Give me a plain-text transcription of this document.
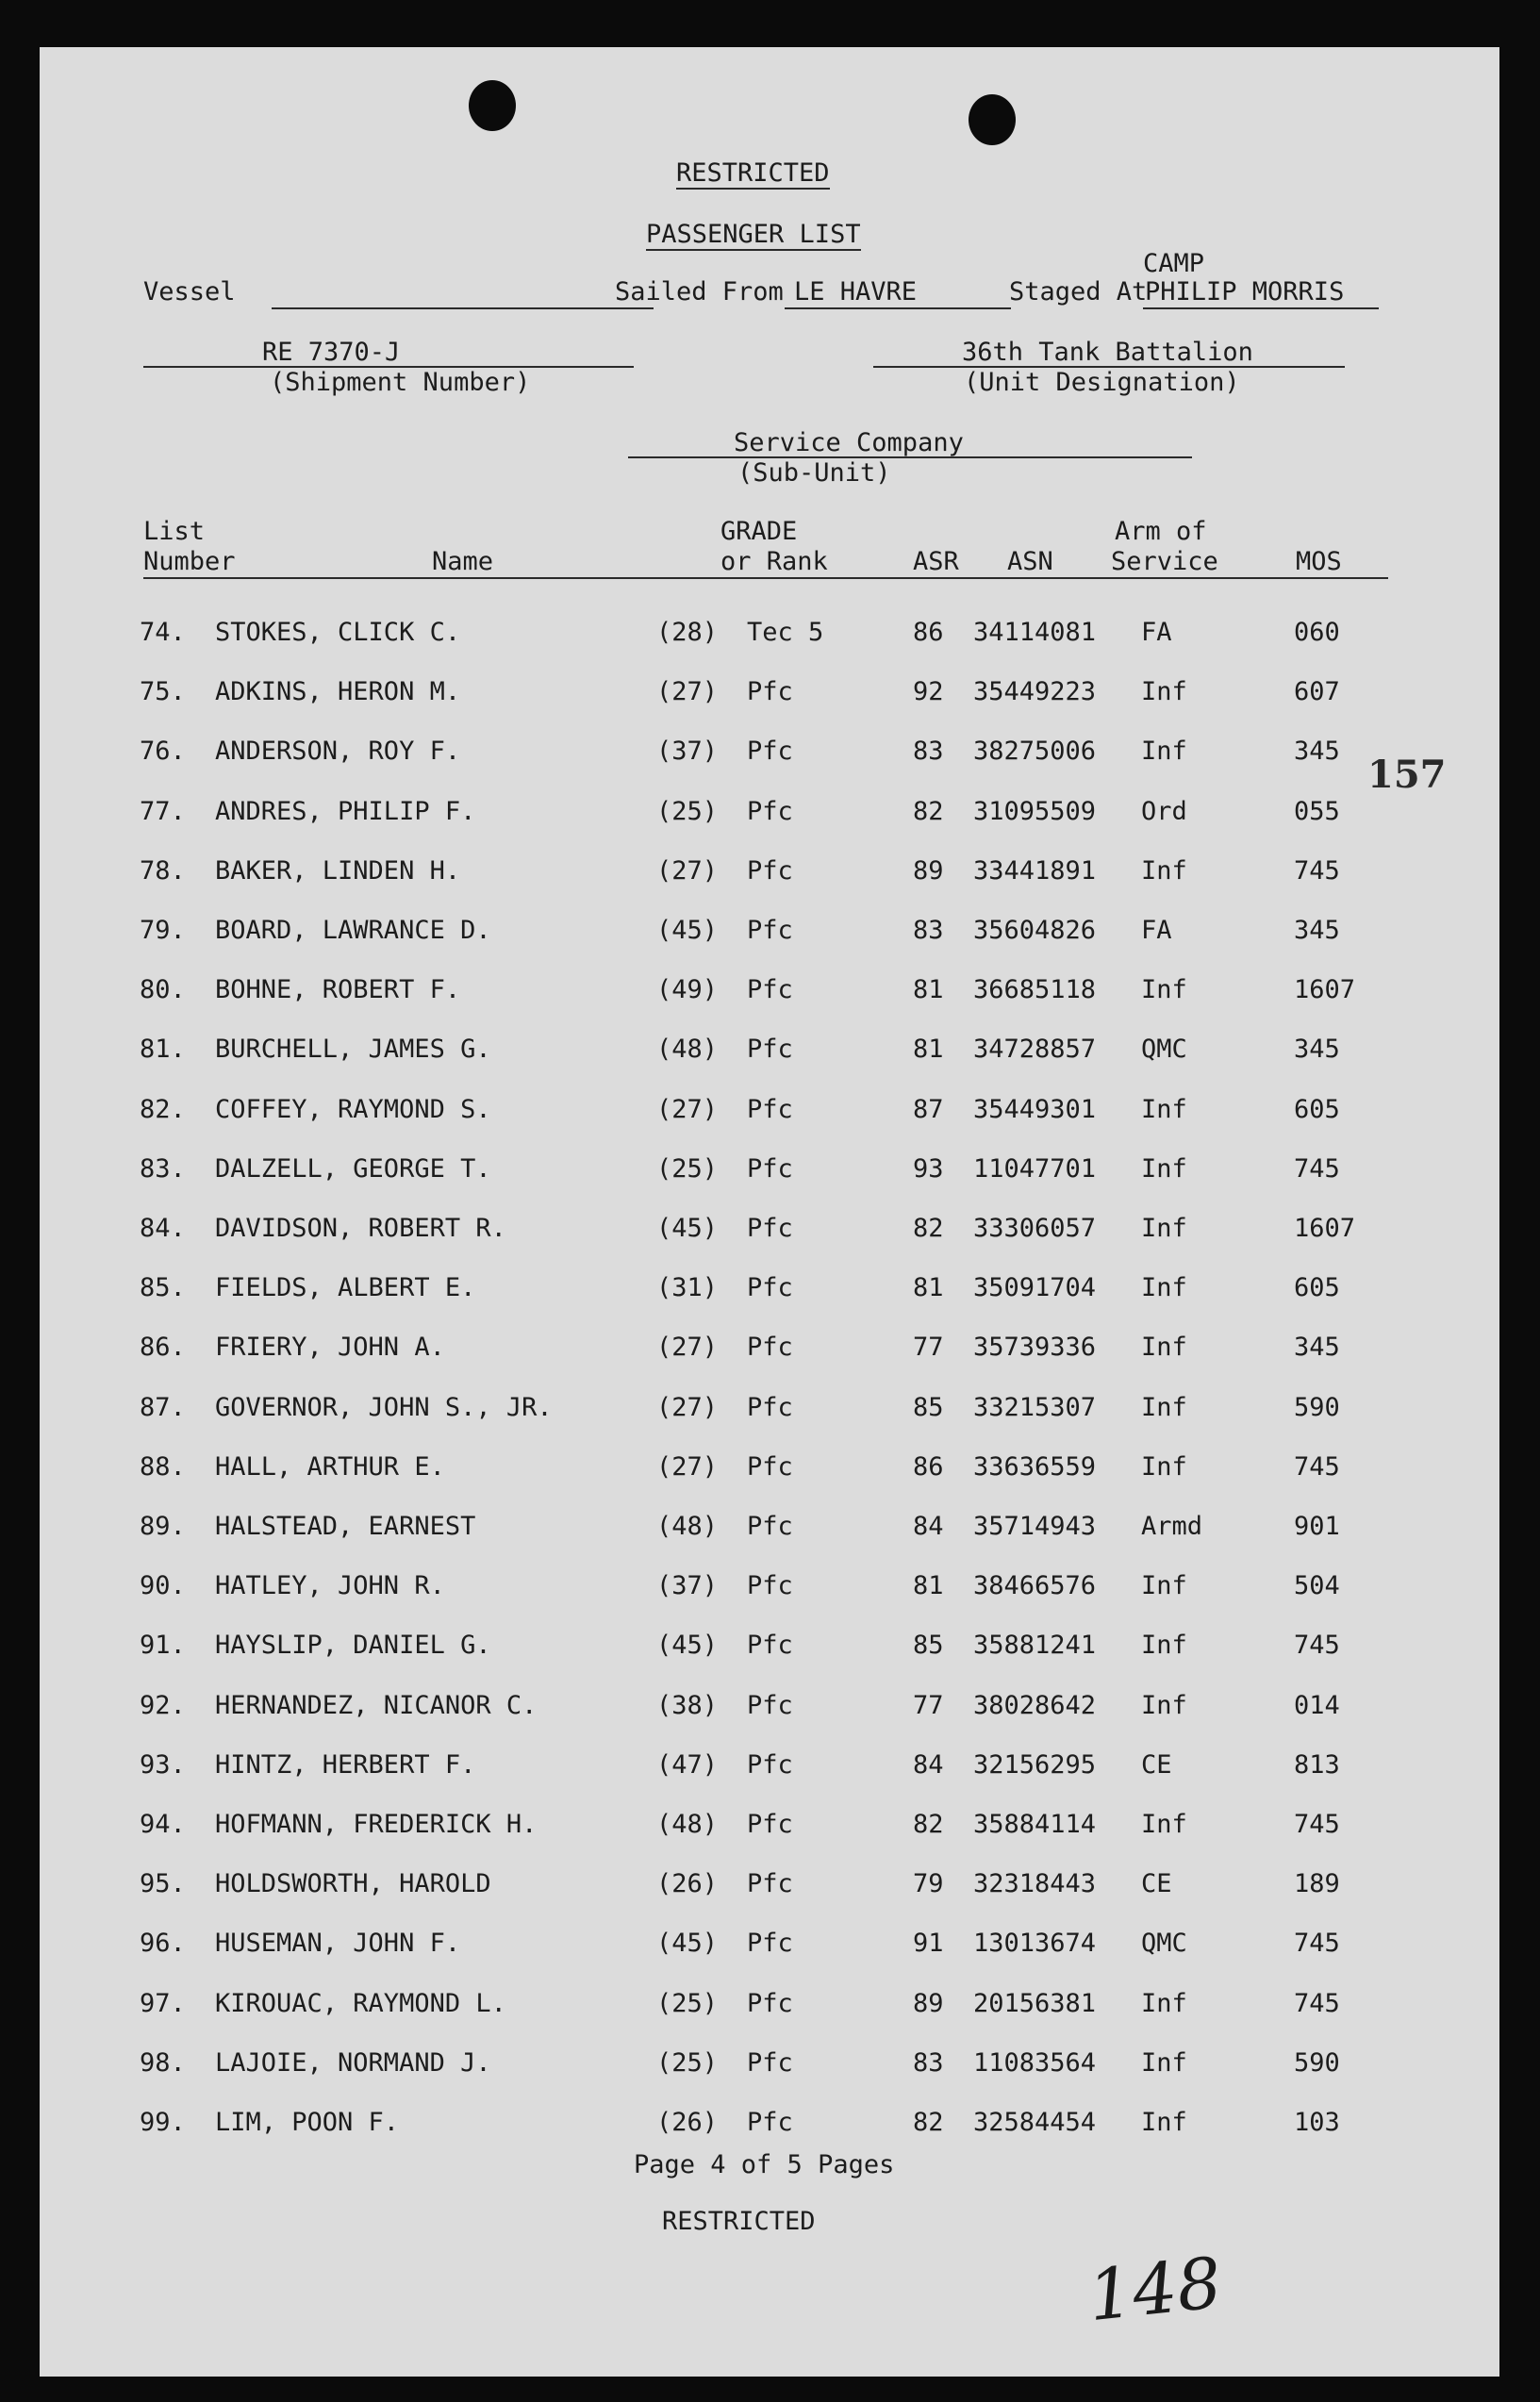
RESTRICTED
PASSENGER LIST
Vessel	Sailed From LE HAVRE
CAMP
Staged At
PHILIP MORRIS
RE 7370-J
(Shipment Number)
36th Tank Battalion
(Unit Designation)
Service Company
(Sub-Unit)
List
Number	Name
GRADE
or Rank	ASR ASN
Arm of
Service	MOS
74. STOKES, CLICK C.	(28) Tec 5	86 34114081 FA	060
75. ADKINS, HERON M.	(27) Pfc	92 35449223 Inf	607
76. ANDERSON, ROY F.	(37) Pfc	83 38275006 Inf	345
77. ANDRES, PHILIP F.	(25) Pfc	82 31095509 Ord	055
78. BAKER, LINDEN H.	(27) Pfc	89 33441891 Inf	745
79. BOARD, LAWRANCE D.	(45) Pfc	83 35604826 FA	345
80. BOHNE, ROBERT F.	(49) Pfc	81 36685118 Inf	1607
81. BURCHELL, JAMES G.	(48) Pfc	81 34728857 QMC	345
82. COFFEY, RAYMOND S.	(27) Pfc	87 35449301 Inf	605
83. DALZELL, GEORGE T.	(25) Pfc	93 11047701 Inf	745
84. DAVIDSON, ROBERT R.	(45) Pfc	82 33306057 Inf	1607
85. FIELDS, ALBERT E.	(31) Pfc	81 35091704 Inf	605
86. FRIERY, JOHN A.	(27) Pfc	77 35739336 Inf	345
87. GOVERNOR, JOHN S., JR.	(27) Pfc	85 33215307 Inf	590
88. HALL, ARTHUR E.	(27) Pfc	86 33636559 Inf	745
89. HALSTEAD, EARNEST	(48) Pfc	84 35714943 Armd	901
90. HATLEY, JOHN R.	(37) Pfc	81 38466576 Inf	504
91. HAYSLIP, DANIEL G.	(45) Pfc	85 35881241 Inf	745
92. HERNANDEZ, NICANOR C.	(38) Pfc	77 38028642 Inf	014
93. HINTZ, HERBERT F.	(47) Pfc	84 32156295 CE	813
94. HOFMANN, FREDERICK H.	(48) Pfc	82 35884114 Inf	745
95. HOLDSWORTH, HAROLD	(26) Pfc	79 32318443 CE	189
96. HUSEMAN, JOHN F.	(45) Pfc	91 13013674 QMC	745
97. KIROUAC, RAYMOND L.	(25) Pfc	89 20156381 Inf	745
98. LAJOIE, NORMAND J.	(25) Pfc	83 11083564 Inf	590
99. LIM, POON F.	(26) Pfc	82 32584454 Inf	103
157
Page 4 of 5 Pages
RESTRICTED
148
